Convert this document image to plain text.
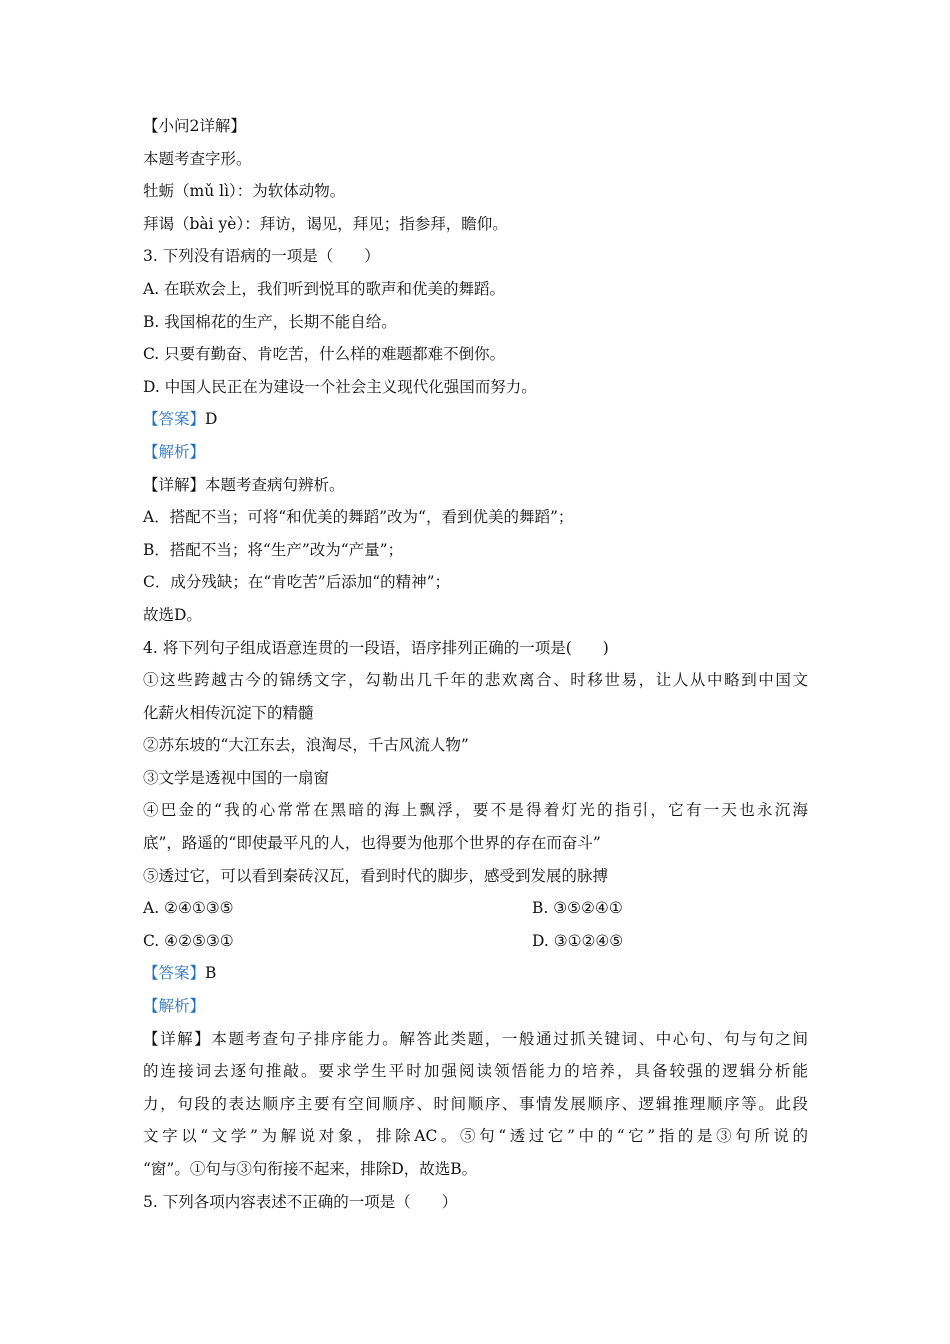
【小问2详解】
本题考查字形。
牡蛎（mǔ lì）：为软体动物。
拜谒（bài yè）：拜访，谒见，拜见；指参拜，瞻仰。
3. 下列没有语病的一项是（　　）
A. 在联欢会上，我们听到悦耳的歌声和优美的舞蹈。
B. 我国棉花的生产，长期不能自给。
C. 只要有勤奋、肯吃苦，什么样的难题都难不倒你。
D. 中国人民正在为建设一个社会主义现代化强国而努力。
【答案】D
【解析】
【详解】本题考查病句辨析。
A．搭配不当；可将“和优美的舞蹈”改为“，看到优美的舞蹈”；
B．搭配不当；将“生产”改为“产量”；
C．成分残缺；在“肯吃苦”后添加“的精神”；
故选D。
4. 将下列句子组成语意连贯的一段语，语序排列正确的一项是(　　)
①这些跨越古今的锦绣文字，勾勒出几千年的悲欢离合、时移世易，让人从中略到中国文
化薪火相传沉淀下的精髓
②苏东坡的“大江东去，浪淘尽，千古风流人物”
③文学是透视中国的一扇窗
④巴金的“我的心常常在黑暗的海上飘浮，要不是得着灯光的指引，它有一天也永沉海
底”，路遥的“即使最平凡的人，也得要为他那个世界的存在而奋斗”
⑤透过它，可以看到秦砖汉瓦，看到时代的脚步，感受到发展的脉搏
A. ②④①③⑤	B. ③⑤②④①
C. ④②⑤③①	D. ③①②④⑤
【答案】B
【解析】
【详解】本题考查句子排序能力。解答此类题，一般通过抓关键词、中心句、句与句之间
的连接词去逐句推敲。要求学生平时加强阅读领悟能力的培养，具备较强的逻辑分析能
力，句段的表达顺序主要有空间顺序、时间顺序、事情发展顺序、逻辑推理顺序等。此段
文字以“文学”为解说对象，排除AC。⑤句“透过它”中的“它”指的是③句所说的
“窗”。①句与③句衔接不起来，排除D，故选B。
5. 下列各项内容表述不正确的一项是（　　）
